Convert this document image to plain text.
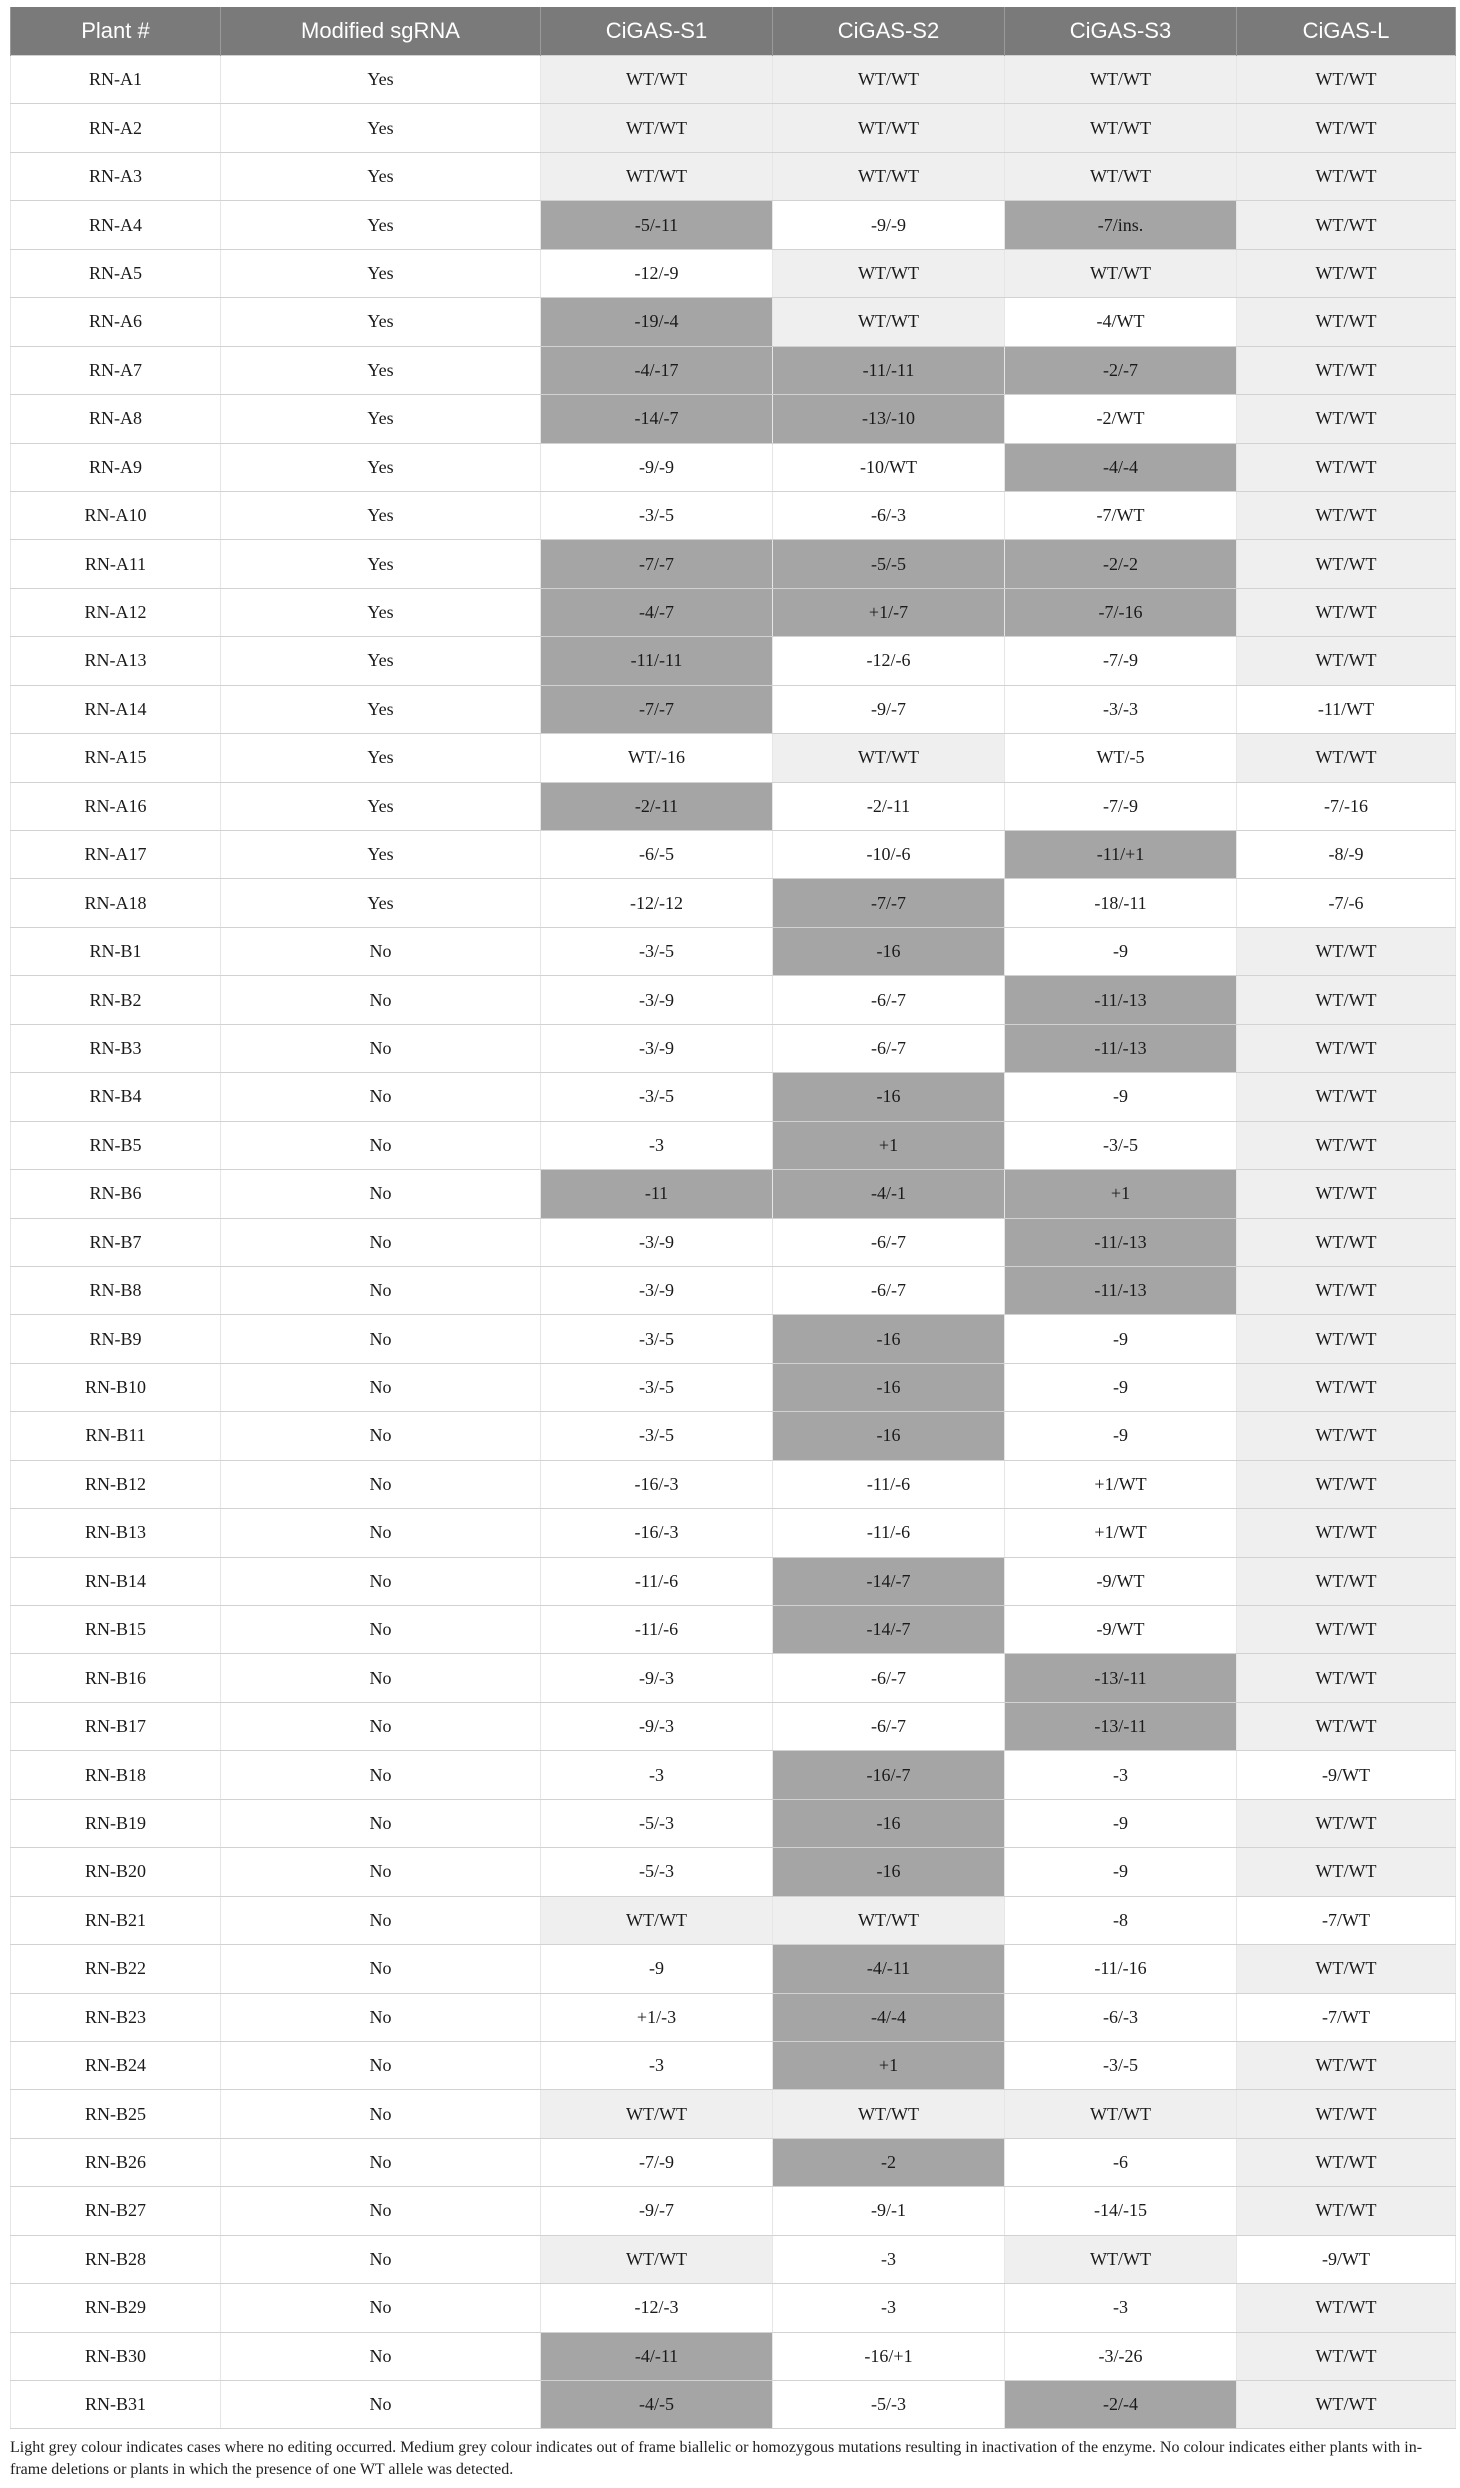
Plant #	Modified sgRNA	CiGAS-S1	CiGAS-S2	CiGAS-S3	CiGAS-L
RN-A1	Yes	WT/WT	WT/WT	WT/WT	WT/WT
RN-A2	Yes	WT/WT	WT/WT	WT/WT	WT/WT
RN-A3	Yes	WT/WT	WT/WT	WT/WT	WT/WT
RN-A4	Yes	-5/-11	-9/-9	-7/ins.	WT/WT
RN-A5	Yes	-12/-9	WT/WT	WT/WT	WT/WT
RN-A6	Yes	-19/-4	WT/WT	-4/WT	WT/WT
RN-A7	Yes	-4/-17	-11/-11	-2/-7	WT/WT
RN-A8	Yes	-14/-7	-13/-10	-2/WT	WT/WT
RN-A9	Yes	-9/-9	-10/WT	-4/-4	WT/WT
RN-A10	Yes	-3/-5	-6/-3	-7/WT	WT/WT
RN-A11	Yes	-7/-7	-5/-5	-2/-2	WT/WT
RN-A12	Yes	-4/-7	+1/-7	-7/-16	WT/WT
RN-A13	Yes	-11/-11	-12/-6	-7/-9	WT/WT
RN-A14	Yes	-7/-7	-9/-7	-3/-3	-11/WT
RN-A15	Yes	WT/-16	WT/WT	WT/-5	WT/WT
RN-A16	Yes	-2/-11	-2/-11	-7/-9	-7/-16
RN-A17	Yes	-6/-5	-10/-6	-11/+1	-8/-9
RN-A18	Yes	-12/-12	-7/-7	-18/-11	-7/-6
RN-B1	No	-3/-5	-16	-9	WT/WT
RN-B2	No	-3/-9	-6/-7	-11/-13	WT/WT
RN-B3	No	-3/-9	-6/-7	-11/-13	WT/WT
RN-B4	No	-3/-5	-16	-9	WT/WT
RN-B5	No	-3	+1	-3/-5	WT/WT
RN-B6	No	-11	-4/-1	+1	WT/WT
RN-B7	No	-3/-9	-6/-7	-11/-13	WT/WT
RN-B8	No	-3/-9	-6/-7	-11/-13	WT/WT
RN-B9	No	-3/-5	-16	-9	WT/WT
RN-B10	No	-3/-5	-16	-9	WT/WT
RN-B11	No	-3/-5	-16	-9	WT/WT
RN-B12	No	-16/-3	-11/-6	+1/WT	WT/WT
RN-B13	No	-16/-3	-11/-6	+1/WT	WT/WT
RN-B14	No	-11/-6	-14/-7	-9/WT	WT/WT
RN-B15	No	-11/-6	-14/-7	-9/WT	WT/WT
RN-B16	No	-9/-3	-6/-7	-13/-11	WT/WT
RN-B17	No	-9/-3	-6/-7	-13/-11	WT/WT
RN-B18	No	-3	-16/-7	-3	-9/WT
RN-B19	No	-5/-3	-16	-9	WT/WT
RN-B20	No	-5/-3	-16	-9	WT/WT
RN-B21	No	WT/WT	WT/WT	-8	-7/WT
RN-B22	No	-9	-4/-11	-11/-16	WT/WT
RN-B23	No	+1/-3	-4/-4	-6/-3	-7/WT
RN-B24	No	-3	+1	-3/-5	WT/WT
RN-B25	No	WT/WT	WT/WT	WT/WT	WT/WT
RN-B26	No	-7/-9	-2	-6	WT/WT
RN-B27	No	-9/-7	-9/-1	-14/-15	WT/WT
RN-B28	No	WT/WT	-3	WT/WT	-9/WT
RN-B29	No	-12/-3	-3	-3	WT/WT
RN-B30	No	-4/-11	-16/+1	-3/-26	WT/WT
RN-B31	No	-4/-5	-5/-3	-2/-4	WT/WT
Light grey colour indicates cases where no editing occurred. Medium grey colour indicates out of frame biallelic or homozygous mutations resulting in inactivation of the enzyme. No colour indicates either plants with in-frame deletions or plants in which the presence of one WT allele was detected.
